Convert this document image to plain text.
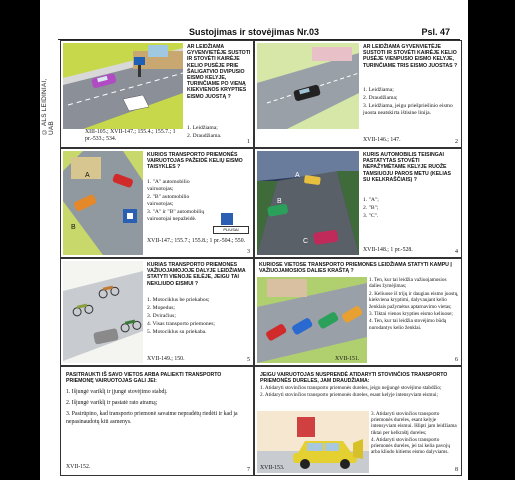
Sustojimas ir stovėjimas Nr.03	Psl. 47
© ALS LEIDINIAI, UAB
AR LEIDŽIAMA GYVENVIETĖJE SUSTOTI IR STOVĖTI KAIRĖJE KELIO PUSĖJE PRIE ŠALIGATVIO DVIPUSIO EISMO KELYJE, TURINČIAME PO VIENĄ KIEKVIENOS KRYPTIES EISMO JUOSTĄ ?
1. Leidžiama;
2. Draudžiama.
XIII-105.; XVII-147.; 155.4.; 155.7.; 1 pr.-533.; 534.
1
AR LEIDŽIAMA GYVENVIETĖJE SUSTOTI IR STOVĖTI KAIRĖJE KELIO PUSĖJE VIENPUSIO EISMO KELYJE, TURINČIAME TRIS EISMO JUOSTAS ?
1. Leidžiama;
2. Draudžiama;
3. Leidžiama, jeigu priešpriešinio eismo juosta neatskirta ištisine linija.
XVII-146.; 147.	2
A
B
KURIOS TRANSPORTO PRIEMONĖS VAIRUOTOJAS PAŽEIDĖ KELIŲ EISMO TAISYKLES ?
1. "A" automobilio vairuotojas;
2. "B" automobilio vairuotojas;
3. "A" ir "B" automobilių vairuotojai nepažeidė.
PLIUSAI
XVII-147.; 155.7.; 155.8.; 1 pr.-504.; 550.
3
A
B
C
KURIS AUTOMOBILIS TEISINGAI PASTATYTAS STOVĖTI NEPAŽYMĖTAME KELYJE RUOŽE TAMSIUOJU PAROS METU (KELIAS SU KELKRAŠČIAIS) ?
1. "A";
2. "B";
3. "C".
XVII-148.; 1 pr.-528.	4
KURIAS TRANSPORTO PRIEMONES VAŽIUOJAMOJOJE DALYJE LEIDŽIAMA STATYTI VIENOJE EILĖJE, JEIGU TAI NEKLIUDO EISMUI ?
1. Motociklus be priekabos;
2. Mopedus;
3. Dviračius;
4. Visas transporto priemones;
5. Motociklus su priekaba.
XVII-149.; 150.	5
KURIOSE VIETOSE TRANSPORTO PRIEMONES LEIDŽIAMA STATYTI KAMPU Į VAŽIUOJAMOSIOS DALIES KRAŠTĄ ?
1. Ten, kur tai leidžia važiuojamosios dalies žymėjimas;
2. Keliuose iš trijų ir daugiau eismo juostų, kiekviena kryptimi, dalyvaujant kelio ženklais pažymėtus aptarnavimo vietas;
3. Tiktai vienos krypties eismo keliuose;
4. Ten, kur tai leidžia stovėjimo būdą nurodantys kelio ženklai.
XVII-151.	6
PASITRAUKTI IŠ SAVO VIETOS ARBA PALIEKTI TRANSPORTO PRIEMONĘ VAIRUOTOJAS GALI JEI:
1. Išjungė variklį ir įjungė stovėjimo stabdį.
2. Išjungė variklį ir pastatė rato atramą;
3. Pasirūpino, kad transporto priemonė savaime nepradėtų riedėti ir kad ja nepasinaudotų kiti asmenys.
XVII-152.	7
JEIGU VAIRUOTOJAS NUSPRENDĖ ATIDARYTI STOVINČIOS TRANSPORTO PRIEMONĖS DURELES, JAM DRAUDŽIAMA:
1. Atidaryti stovinčios transporto priemonės dureles, jeigu neįjungė stovėjimo stabdžio;
2. Atidaryti stovinčios transporto priemonės dureles, esant kelyje intensyviam eismui;
3. Atidaryti stovinčios transporto priemonės dureles, esant kelyje intensyviam eismui. Išlipti jam leidžiama tiktai per kelkraštį dureles;
4. Atidaryti stovinčios transporto priemonės dureles, jei tai kelia pavojų arba kliudo kitiems eismo dalyviams.
XVII-153.	8
